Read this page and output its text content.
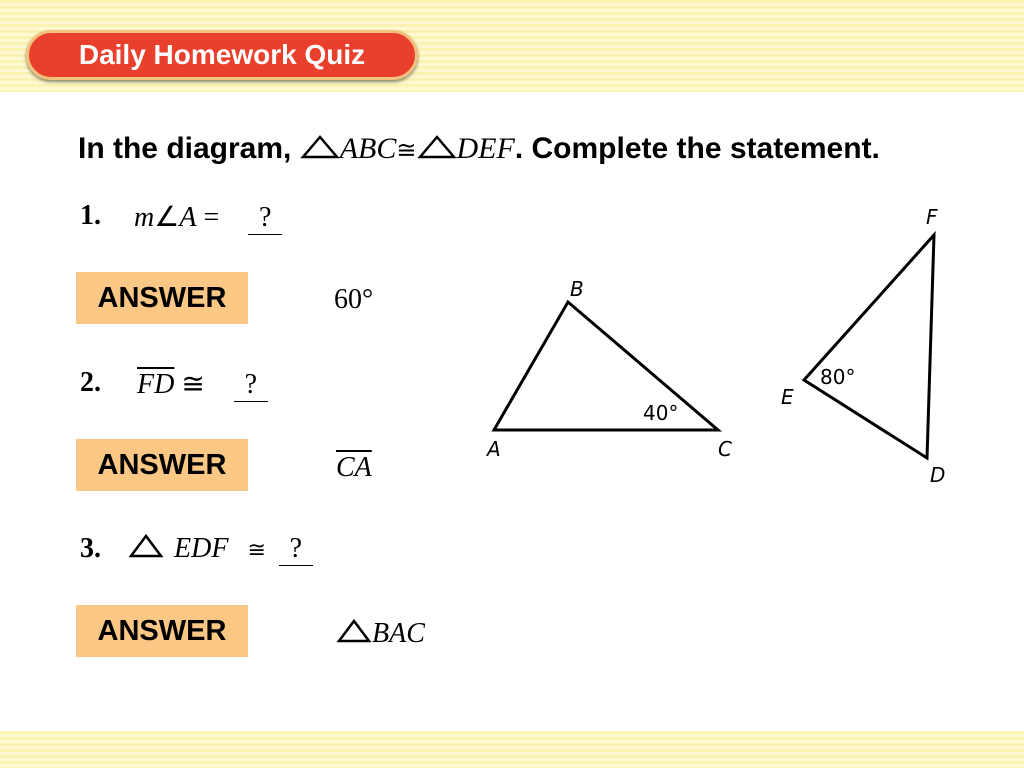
Daily Homework Quiz
In the diagram, ABC≅ DEF. Complete the statement.
1. m∠A = ?
ANSWER	60°
2. $\overline{FD}$ ≅ ?
ANSWER	$\overline{CA}$
3.	EDF ≅ ?
ANSWER	BAC
A
B
C
40°
F
E
D
80°
